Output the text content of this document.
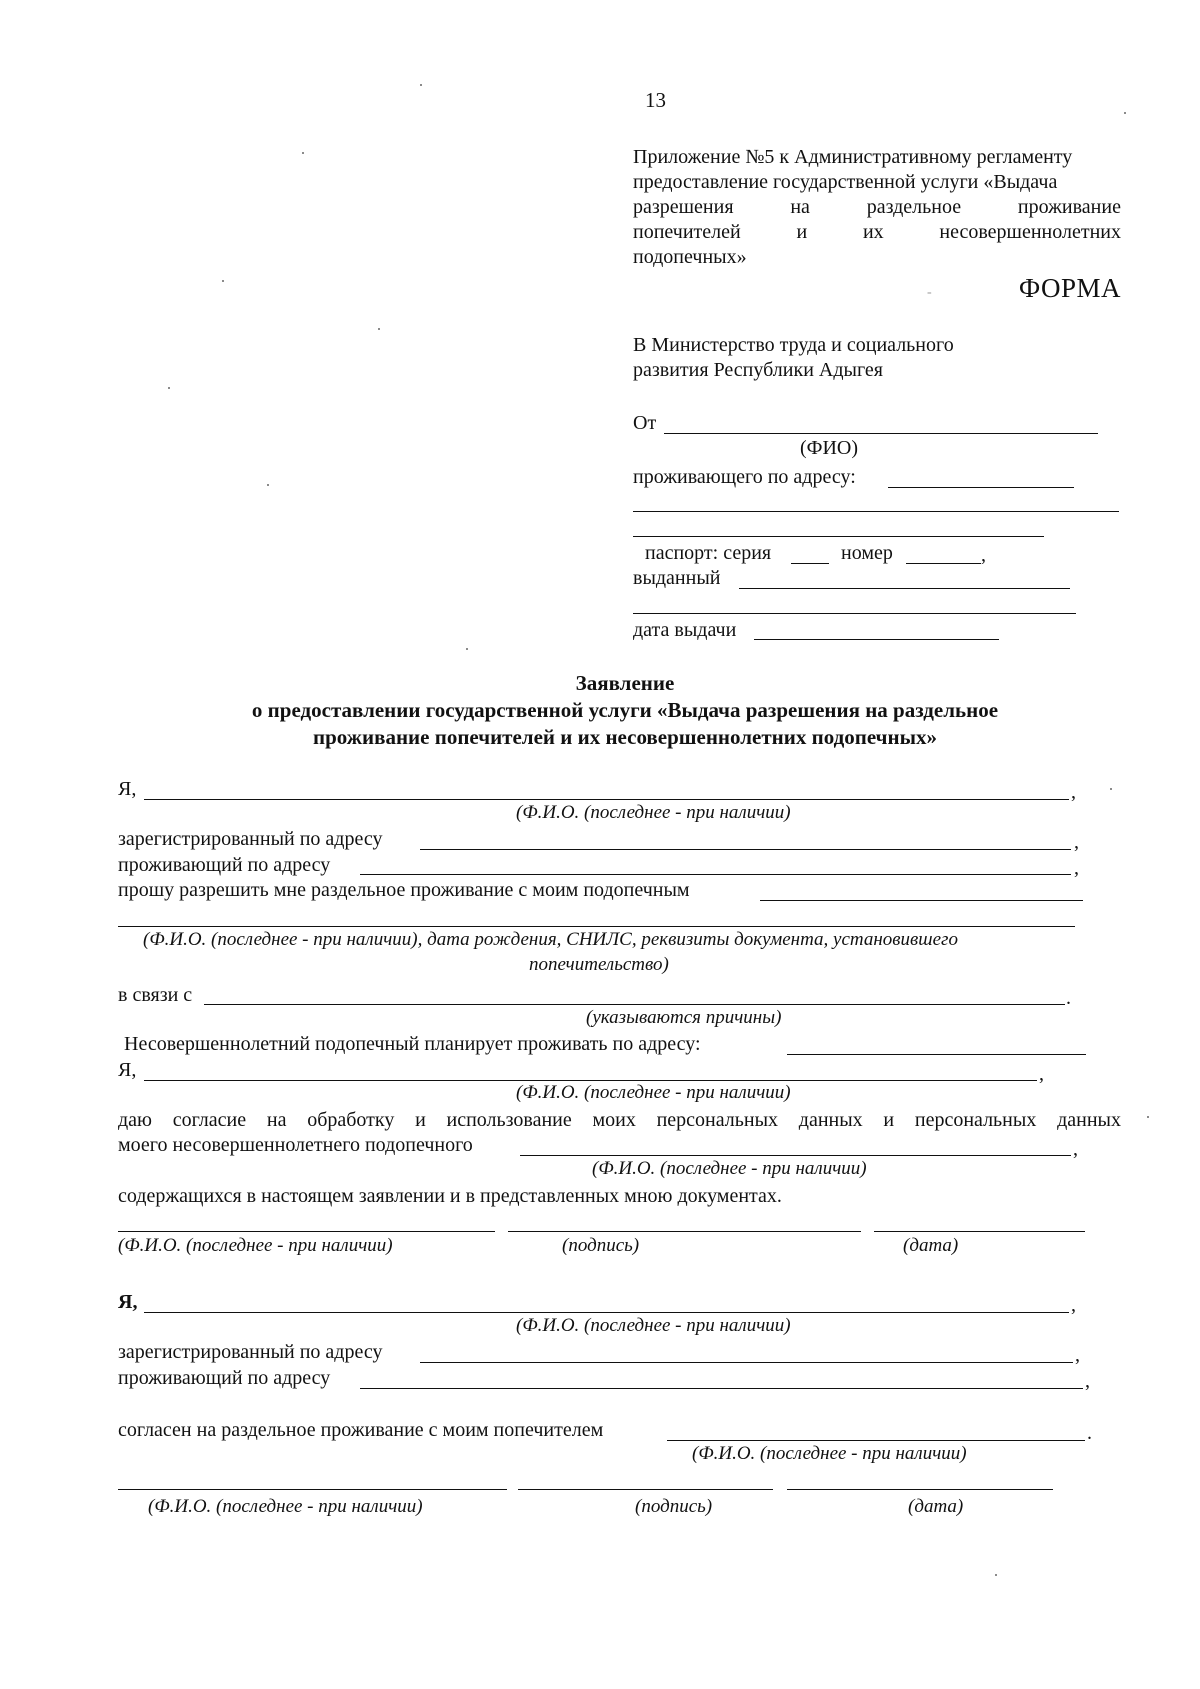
13
Приложение №5 к Административному регламенту
предоставление государственной услуги «Выдача
разрешения	на	раздельное	проживание
попечителей	и	их	несовершеннолетних
подопечных»
-	ФОРМА
В Министерство труда и социального
развития Республики Адыгея
От
(ФИО)
проживающего по адресу:
паспорт: серия	номер	,
выданный
дата выдачи
Заявление
о предоставлении государственной услуги «Выдача разрешения на раздельное
проживание попечителей и их несовершеннолетних подопечных»
Я,	,
(Ф.И.О. (последнее - при наличии)
зарегистрированный по адресу	,
проживающий по адресу	,
прошу разрешить мне раздельное проживание с моим подопечным
(Ф.И.О. (последнее - при наличии), дата рождения, СНИЛС, реквизиты документа, установившего
попечительство)
в связи с	.
(указываются причины)
Несовершеннолетний подопечный планирует проживать по адресу:
Я,	,
(Ф.И.О. (последнее - при наличии)
даю согласие на обработку и использование моих персональных данных и персональных данных
моего несовершеннолетнего подопечного	,
(Ф.И.О. (последнее - при наличии)
содержащихся в настоящем заявлении и в представленных мною документах.
(Ф.И.О. (последнее - при наличии)	(подпись)	(дата)
Я,	,
(Ф.И.О. (последнее - при наличии)
зарегистрированный по адресу	,
проживающий по адресу	,
согласен на раздельное проживание с моим попечителем	.
(Ф.И.О. (последнее - при наличии)
(Ф.И.О. (последнее - при наличии)	(подпись)	(дата)
